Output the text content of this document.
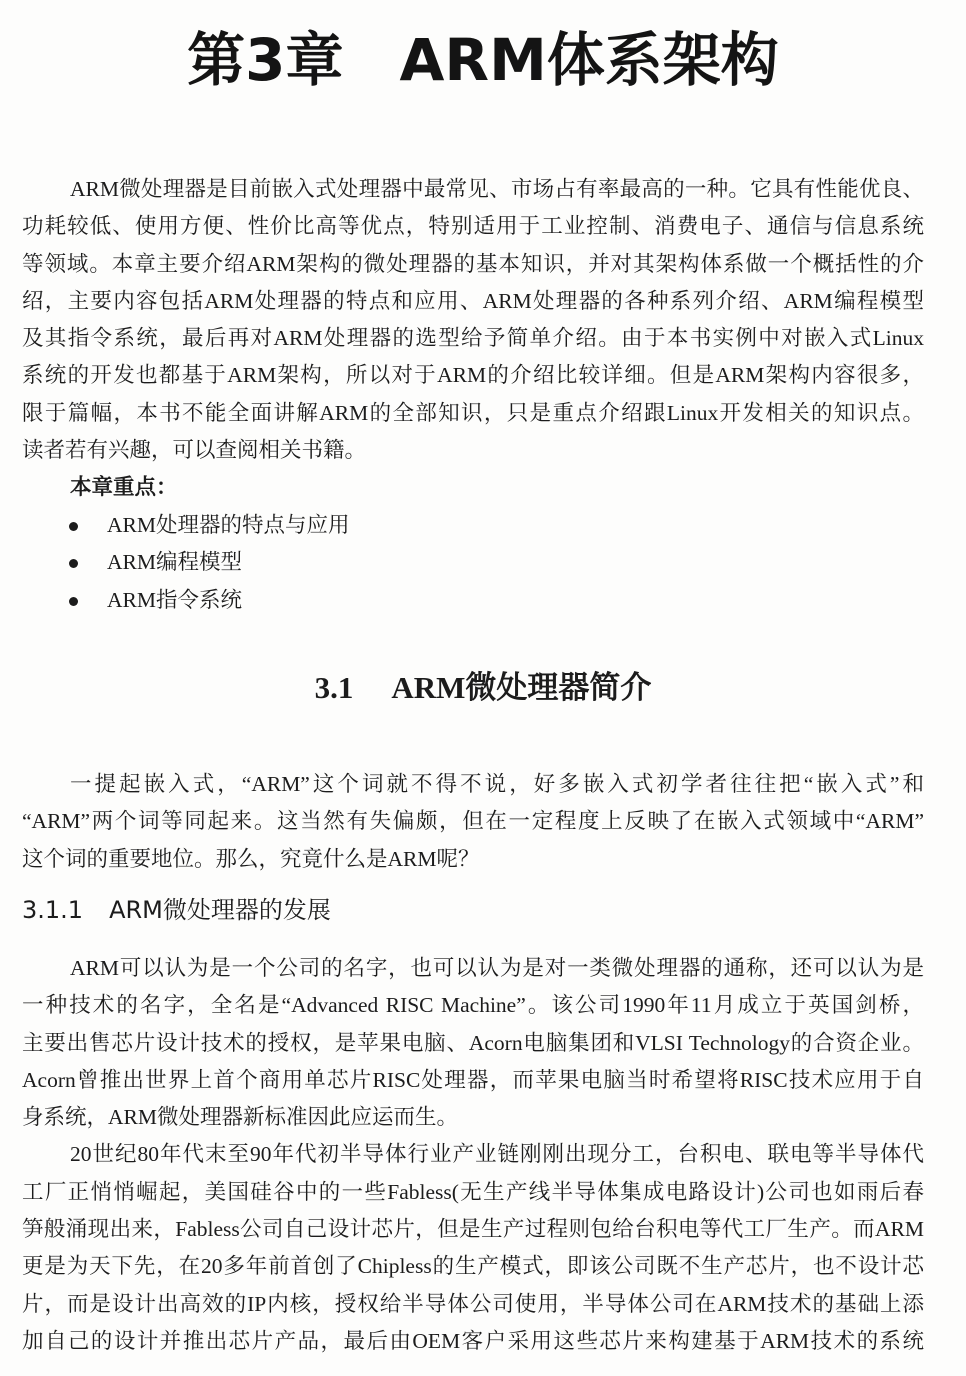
第3章 ARM体系架构
ARM微处理器是目前嵌入式处理器中最常见、市场占有率最高的一种。它具有性能优良、
功耗较低、使用方便、性价比高等优点，特别适用于工业控制、消费电子、通信与信息系统
等领域。本章主要介绍ARM架构的微处理器的基本知识，并对其架构体系做一个概括性的介
绍，主要内容包括ARM处理器的特点和应用、ARM处理器的各种系列介绍、ARM编程模型
及其指令系统，最后再对ARM处理器的选型给予简单介绍。由于本书实例中对嵌入式Linux
系统的开发也都基于ARM架构，所以对于ARM的介绍比较详细。但是ARM架构内容很多，
限于篇幅，本书不能全面讲解ARM的全部知识，只是重点介绍跟Linux开发相关的知识点。
读者若有兴趣，可以查阅相关书籍。
本章重点：
ARM处理器的特点与应用
ARM编程模型
ARM指令系统
3.1 ARM微处理器简介
一提起嵌入式，“ARM”这个词就不得不说，好多嵌入式初学者往往把“嵌入式”和
“ARM”两个词等同起来。这当然有失偏颇，但在一定程度上反映了在嵌入式领域中“ARM”
这个词的重要地位。那么，究竟什么是ARM呢？
3.1.1 ARM微处理器的发展
ARM可以认为是一个公司的名字，也可以认为是对一类微处理器的通称，还可以认为是
一种技术的名字，全名是“Advanced RISC Machine”。该公司1990年11月成立于英国剑桥，
主要出售芯片设计技术的授权，是苹果电脑、Acorn电脑集团和VLSI Technology的合资企业。
Acorn曾推出世界上首个商用单芯片RISC处理器，而苹果电脑当时希望将RISC技术应用于自
身系统，ARM微处理器新标准因此应运而生。
20世纪80年代末至90年代初半导体行业产业链刚刚出现分工，台积电、联电等半导体代
工厂正悄悄崛起，美国硅谷中的一些Fabless(无生产线半导体集成电路设计)公司也如雨后春
笋般涌现出来，Fabless公司自己设计芯片，但是生产过程则包给台积电等代工厂生产。而ARM
更是为天下先，在20多年前首创了Chipless的生产模式，即该公司既不生产芯片，也不设计芯
片，而是设计出高效的IP内核，授权给半导体公司使用，半导体公司在ARM技术的基础上添
加自己的设计并推出芯片产品，最后由OEM客户采用这些芯片来构建基于ARM技术的系统
